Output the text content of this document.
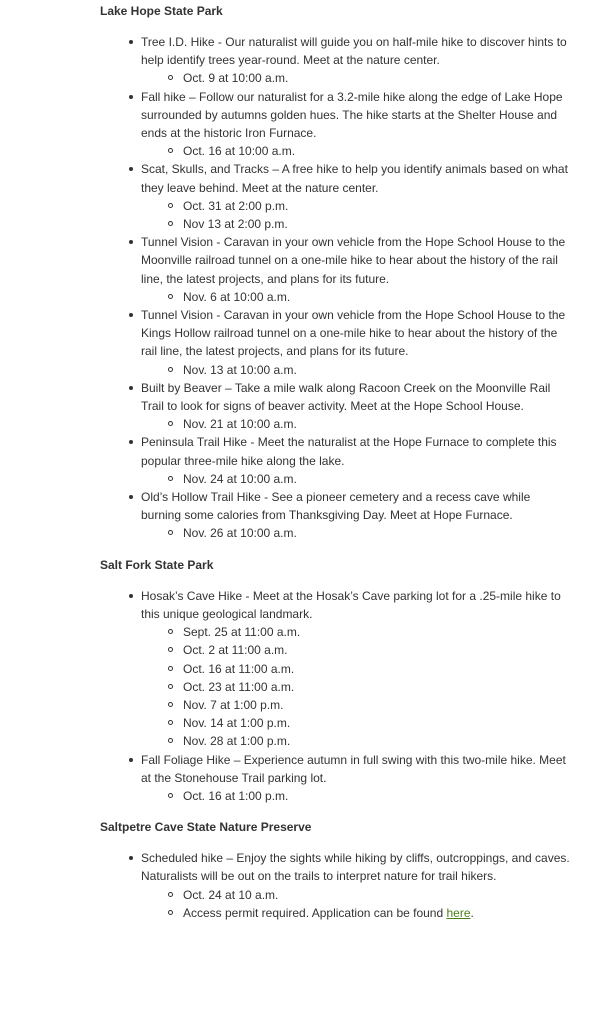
Lake Hope State Park
Tree I.D. Hike - Our naturalist will guide you on half-mile hike to discover hints to help identify trees year-round. Meet at the nature center.
Oct. 9 at 10:00 a.m.
Fall hike – Follow our naturalist for a 3.2-mile hike along the edge of Lake Hope surrounded by autumns golden hues. The hike starts at the Shelter House and ends at the historic Iron Furnace.
Oct. 16 at 10:00 a.m.
Scat, Skulls, and Tracks – A free hike to help you identify animals based on what they leave behind. Meet at the nature center.
Oct. 31 at 2:00 p.m.
Nov 13 at 2:00 p.m.
Tunnel Vision - Caravan in your own vehicle from the Hope School House to the Moonville railroad tunnel on a one-mile hike to hear about the history of the rail line, the latest projects, and plans for its future.
Nov. 6 at 10:00 a.m.
Tunnel Vision - Caravan in your own vehicle from the Hope School House to the Kings Hollow railroad tunnel on a one-mile hike to hear about the history of the rail line, the latest projects, and plans for its future.
Nov. 13 at 10:00 a.m.
Built by Beaver – Take a mile walk along Racoon Creek on the Moonville Rail Trail to look for signs of beaver activity. Meet at the Hope School House.
Nov. 21 at 10:00 a.m.
Peninsula Trail Hike - Meet the naturalist at the Hope Furnace to complete this popular three-mile hike along the lake.
Nov. 24 at 10:00 a.m.
Old’s Hollow Trail Hike - See a pioneer cemetery and a recess cave while burning some calories from Thanksgiving Day. Meet at Hope Furnace.
Nov. 26 at 10:00 a.m.
Salt Fork State Park
Hosak’s Cave Hike - Meet at the Hosak’s Cave parking lot for a .25-mile hike to this unique geological landmark.
Sept. 25 at 11:00 a.m.
Oct. 2 at 11:00 a.m.
Oct. 16 at 11:00 a.m.
Oct. 23 at 11:00 a.m.
Nov. 7 at 1:00 p.m.
Nov. 14 at 1:00 p.m.
Nov. 28 at 1:00 p.m.
Fall Foliage Hike – Experience autumn in full swing with this two-mile hike. Meet at the Stonehouse Trail parking lot.
Oct. 16 at 1:00 p.m.
Saltpetre Cave State Nature Preserve
Scheduled hike – Enjoy the sights while hiking by cliffs, outcroppings, and caves. Naturalists will be out on the trails to interpret nature for trail hikers.
Oct. 24 at 10 a.m.
Access permit required. Application can be found here.
